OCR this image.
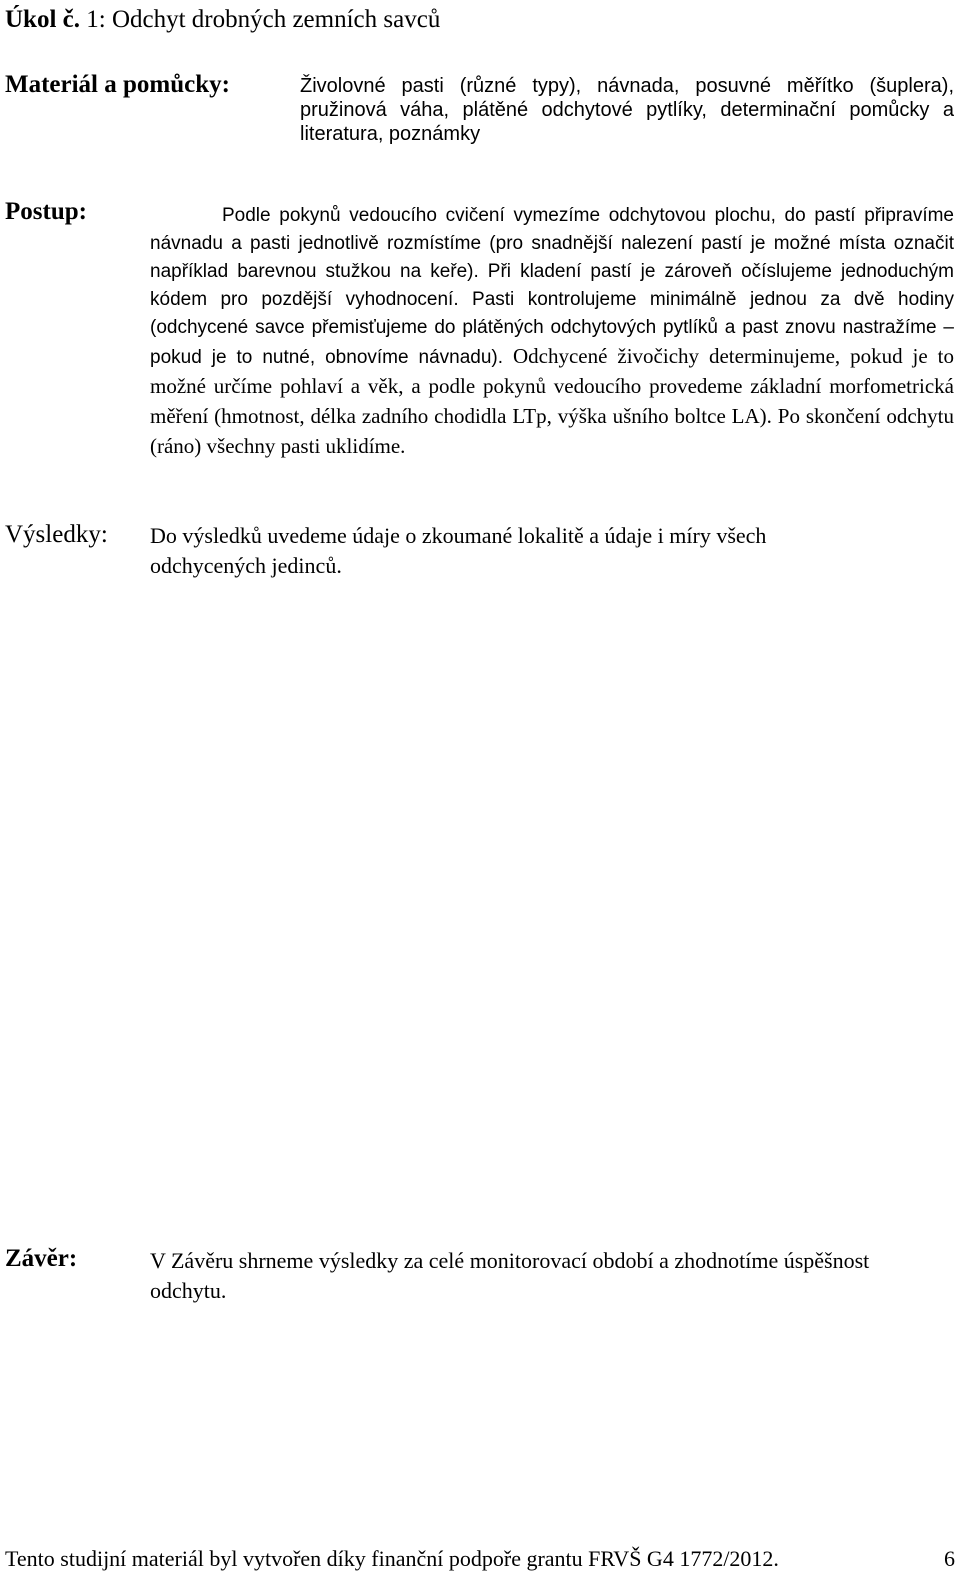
Úkol č. 1: Odchyt drobných zemních savců
Materiál a pomůcky:	Živolovné pasti (různé typy), návnada, posuvné měřítko (šuplera), pružinová váha, plátěné odchytové pytlíky, determinační pomůcky a literatura, poznámky

Postup:	Podle pokynů vedoucího cvičení vymezíme odchytovou plochu, do pastí připravíme návnadu a pasti jednotlivě rozmístíme (pro snadnější nalezení pastí je možné místa označit například barevnou stužkou na keře). Při kladení pastí je zároveň očíslujeme jednoduchým kódem pro pozdější vyhodnocení. Pasti kontrolujeme minimálně jednou za dvě hodiny (odchycené savce přemisťujeme do plátěných odchytových pytlíků a past znovu nastražíme – pokud je to nutné, obnovíme návnadu). Odchycené živočichy determinujeme, pokud je to možné určíme pohlaví a věk, a podle pokynů vedoucího provedeme základní morfometrická měření (hmotnost, délka zadního chodidla LTp, výška ušního boltce LA). Po skončení odchytu (ráno) všechny pasti uklidíme.

Výsledky: Do výsledků uvedeme údaje o zkoumané lokalitě a údaje i míry všech odchycených jedinců.

Závěr:	V Závěru shrneme výsledky za celé monitorovací období a zhodnotíme úspěšnost odchytu.

Tento studijní materiál byl vytvořen díky finanční podpoře grantu FRVŠ G4 1772/2012.	6
